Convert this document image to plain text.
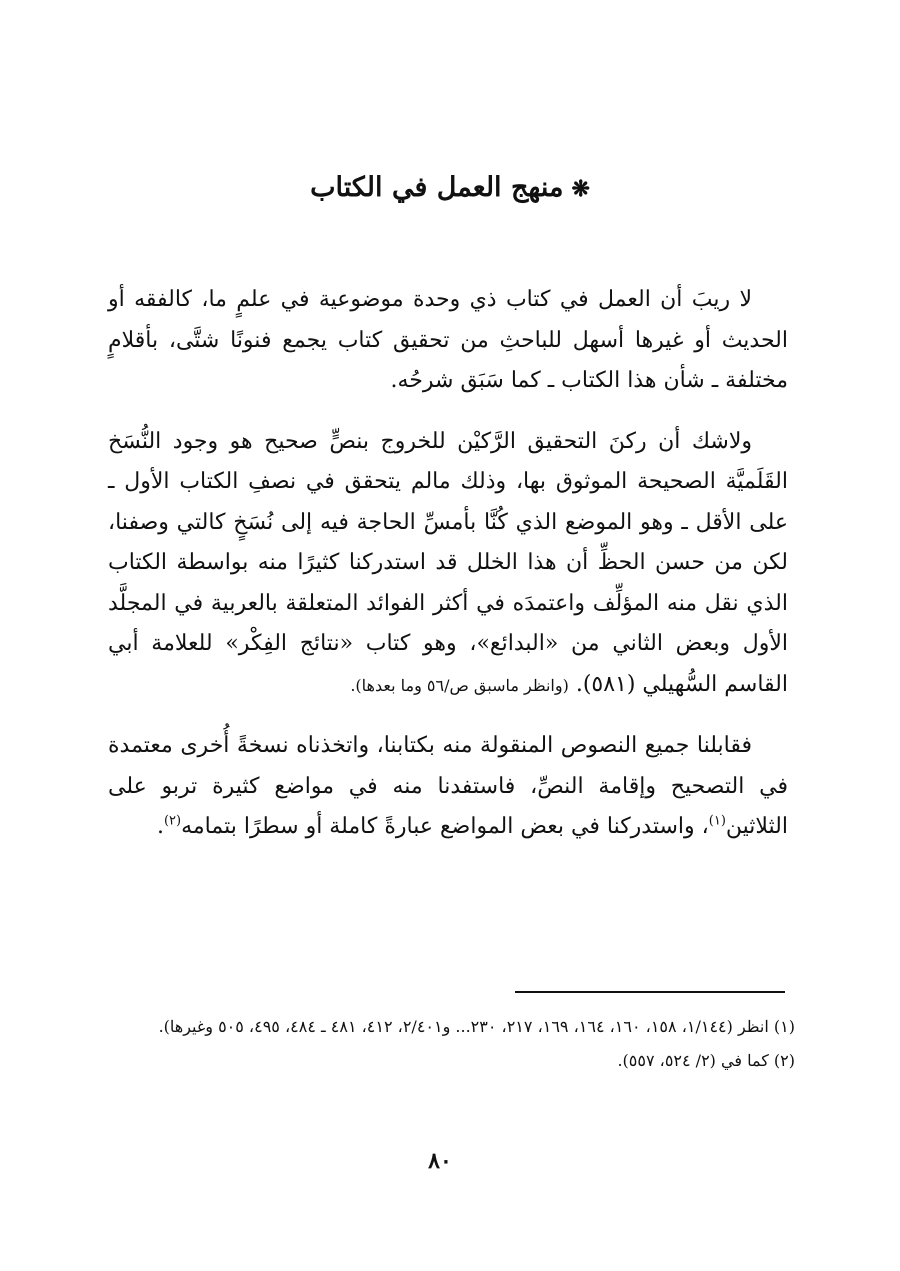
❋منهج العمل في الكتاب

لا ريبَ أن العمل في كتاب ذي وحدة موضوعية في علمٍ ما، كالفقه أو الحديث أو غيرها أسهل للباحثِ من تحقيق كتاب يجمع فنونًا شتَّى، بأقلامٍ مختلفة ـ شأن هذا الكتاب ـ كما سَبَق شرحُه.

ولاشك أن ركنَ التحقيق الرَّكيْن للخروج بنصٍّ صحيح هو وجود النُّسَخ القَلَميَّة الصحيحة الموثوق بها، وذلك مالم يتحقق في نصفِ الكتاب الأول ـ على الأقل ـ وهو الموضع الذي كُنَّا بأمسِّ الحاجة فيه إلى نُسَخٍ كالتي وصفنا، لكن من حسن الحظِّ أن هذا الخلل قد استدركنا كثيرًا منه بواسطة الكتاب الذي نقل منه المؤلِّف واعتمدَه في أكثر الفوائد المتعلقة بالعربية في المجلَّد الأول وبعض الثاني من «البدائع»، وهو كتاب «نتائج الفِكْر» للعلامة أبي القاسم السُّهيلي (٥٨١). (وانظر ماسبق ص/٥٦ وما بعدها).

فقابلنا جميع النصوص المنقولة منه بكتابنا، واتخذناه نسخةً أُخرى معتمدة في التصحيح وإقامة النصِّ، فاستفدنا منه في مواضع كثيرة تربو على الثلاثين$^{(١)}$، واستدركنا في بعض المواضع عبارةً كاملة أو سطرًا بتمامه$^{(٢)}$.

(١) انظر (١/١٤٤، ١٥٨، ١٦٠، ١٦٤، ١٦٩، ٢١٧، ٢٣٠... و٢/٤٠١، ٤١٢، ٤٨١ ـ ٤٨٤، ٤٩٥، ٥٠٥ وغيرها).

(٢) كما في (٢/ ٥٢٤، ٥٥٧).

٨٠
